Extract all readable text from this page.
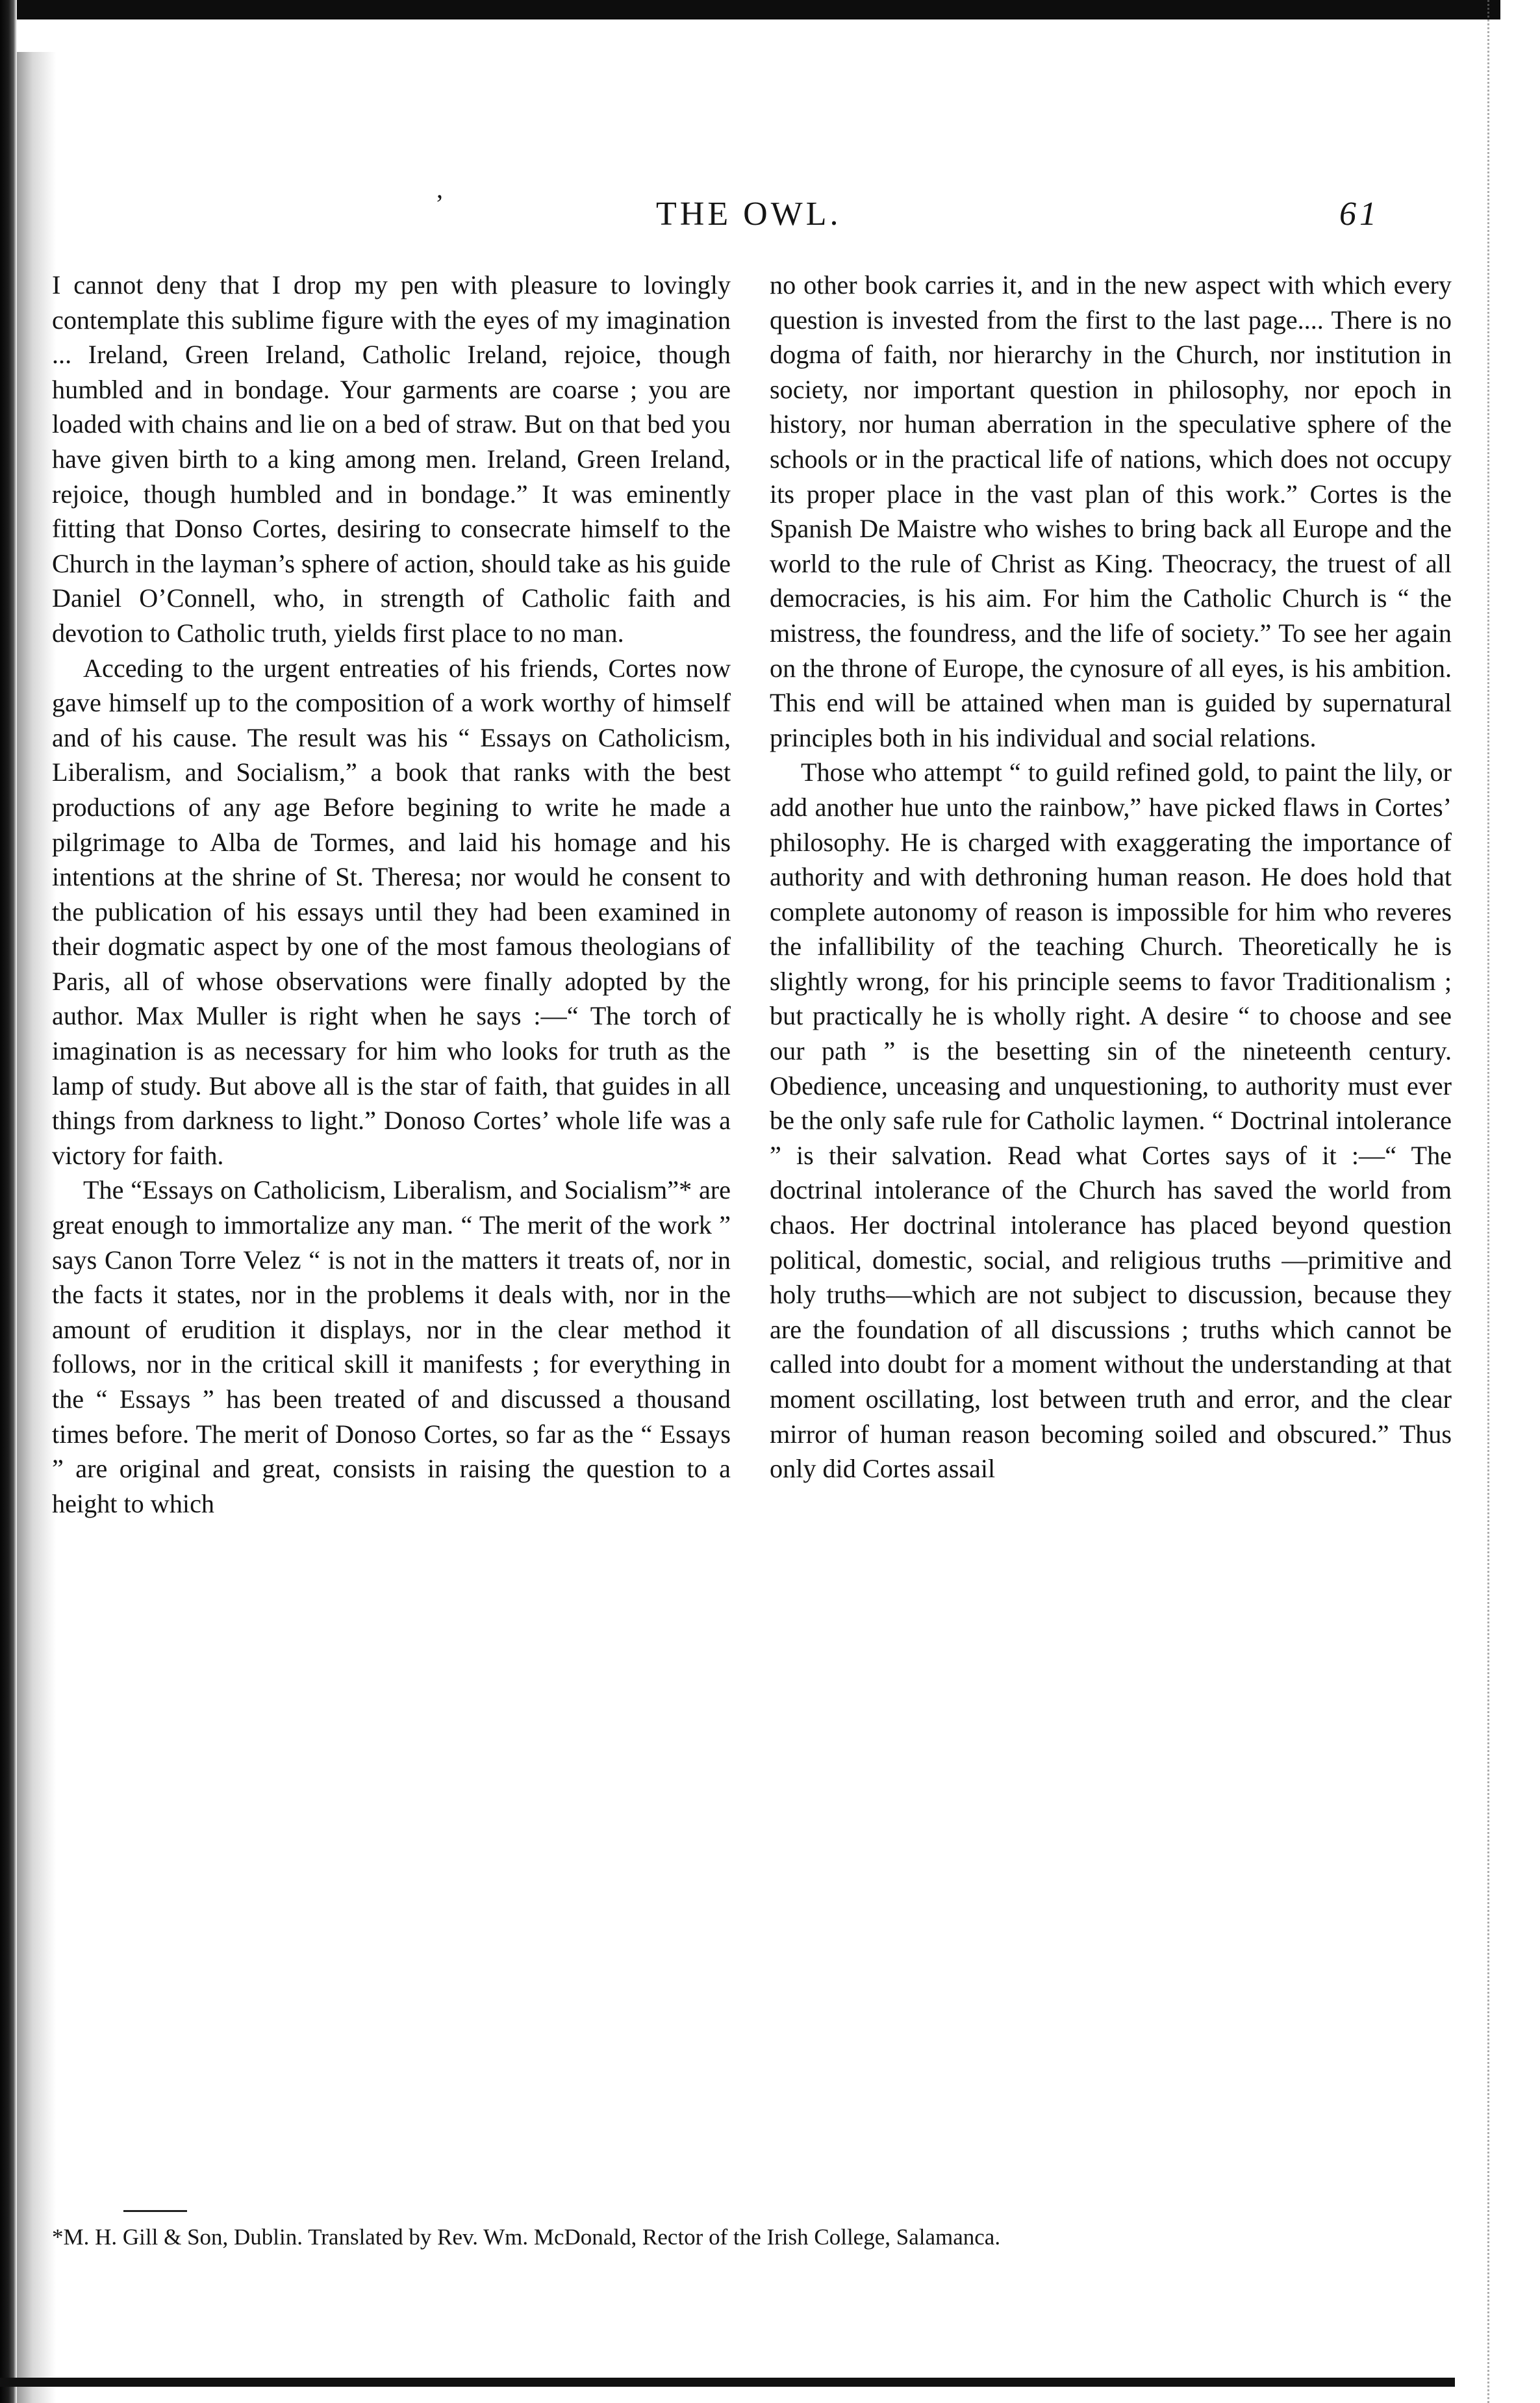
’	THE OWL.	61

I cannot deny that I drop my pen with pleasure to lovingly contemplate this sublime figure with the eyes of my imagination ... Ireland, Green Ireland, Catholic Ireland, rejoice, though humbled and in bondage. Your garments are coarse ; you are loaded with chains and lie on a bed of straw. But on that bed you have given birth to a king among men. Ireland, Green Ireland, rejoice, though humbled and in bondage.” It was eminently fitting that Donso Cortes, desiring to consecrate himself to the Church in the layman’s sphere of action, should take as his guide Daniel O’Connell, who, in strength of Catholic faith and devotion to Catholic truth, yields first place to no man.

Acceding to the urgent entreaties of his friends, Cortes now gave himself up to the composition of a work worthy of himself and of his cause. The result was his “ Essays on Catholicism, Liberalism, and Socialism,” a book that ranks with the best productions of any age Before begining to write he made a pilgrimage to Alba de Tormes, and laid his homage and his intentions at the shrine of St. Theresa; nor would he consent to the publication of his essays until they had been examined in their dogmatic aspect by one of the most famous theologians of Paris, all of whose observations were finally adopted by the author. Max Muller is right when he says :—“ The torch of imagination is as necessary for him who looks for truth as the lamp of study. But above all is the star of faith, that guides in all things from darkness to light.” Donoso Cortes’ whole life was a victory for faith.

The “Essays on Catholicism, Liberalism, and Socialism”* are great enough to immortalize any man. “ The merit of the work ” says Canon Torre Velez “ is not in the matters it treats of, nor in the facts it states, nor in the problems it deals with, nor in the amount of erudition it displays, nor in the clear method it follows, nor in the critical skill it manifests ; for everything in the “ Essays ” has been treated of and discussed a thousand times before. The merit of Donoso Cortes, so far as the “ Essays ” are original and great, consists in raising the question to a height to which

no other book carries it, and in the new aspect with which every question is invested from the first to the last page.... There is no dogma of faith, nor hierarchy in the Church, nor institution in society, nor important question in philosophy, nor epoch in history, nor human aberration in the speculative sphere of the schools or in the practical life of nations, which does not occupy its proper place in the vast plan of this work.” Cortes is the Spanish De Maistre who wishes to bring back all Europe and the world to the rule of Christ as King. Theocracy, the truest of all democracies, is his aim. For him the Catholic Church is “ the mistress, the foundress, and the life of society.” To see her again on the throne of Europe, the cynosure of all eyes, is his ambition. This end will be attained when man is guided by supernatural principles both in his individual and social relations.

Those who attempt “ to guild refined gold, to paint the lily, or add another hue unto the rainbow,” have picked flaws in Cortes’ philosophy. He is charged with exaggerating the importance of authority and with dethroning human reason. He does hold that complete autonomy of reason is impossible for him who reveres the infallibility of the teaching Church. Theoretically he is slightly wrong, for his principle seems to favor Traditionalism ; but practically he is wholly right. A desire “ to choose and see our path ” is the besetting sin of the nineteenth century. Obedience, unceasing and unquestioning, to authority must ever be the only safe rule for Catholic laymen. “ Doctrinal intolerance ” is their salvation. Read what Cortes says of it :—“ The doctrinal intolerance of the Church has saved the world from chaos. Her doctrinal intolerance has placed beyond question political, domestic, social, and religious truths —primitive and holy truths—which are not subject to discussion, because they are the foundation of all discussions ; truths which cannot be called into doubt for a moment without the understanding at that moment oscillating, lost between truth and error, and the clear mirror of human reason becoming soiled and obscured.” Thus only did Cortes assail

*M. H. Gill & Son, Dublin. Translated by Rev. Wm. McDonald, Rector of the Irish College, Salamanca.
